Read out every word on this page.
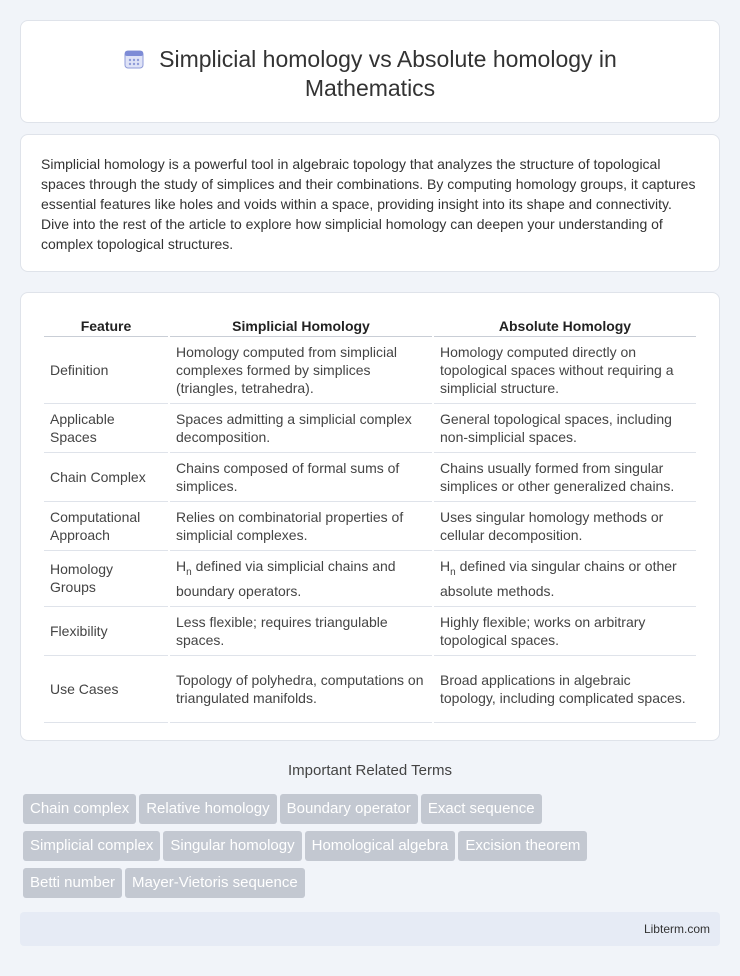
Simplicial homology vs Absolute homology in Mathematics

Simplicial homology is a powerful tool in algebraic topology that analyzes the structure of topological spaces through the study of simplices and their combinations. By computing homology groups, it captures essential features like holes and voids within a space, providing insight into its shape and connectivity. Dive into the rest of the article to explore how simplicial homology can deepen your understanding of complex topological structures.

Feature	Simplicial Homology	Absolute Homology
Definition	Homology computed from simplicial complexes formed by simplices (triangles, tetrahedra).	Homology computed directly on topological spaces without requiring a simplicial structure.
Applicable Spaces	Spaces admitting a simplicial complex decomposition.	General topological spaces, including non-simplicial spaces.
Chain Complex	Chains composed of formal sums of simplices.	Chains usually formed from singular simplices or other generalized chains.
Computational Approach	Relies on combinatorial properties of simplicial complexes.	Uses singular homology methods or cellular decomposition.
Homology Groups	$H_n$ defined via simplicial chains and boundary operators.	$H_n$ defined via singular chains or other absolute methods.
Flexibility	Less flexible; requires triangulable spaces.	Highly flexible; works on arbitrary topological spaces.
Use Cases	Topology of polyhedra, computations on triangulated manifolds.	Broad applications in algebraic topology, including complicated spaces.
Important Related Terms
Chain complex Relative homology Boundary operator Exact sequence
Simplicial complex Singular homology Homological algebra Excision theorem
Betti number Mayer-Vietoris sequence
Libterm.com
